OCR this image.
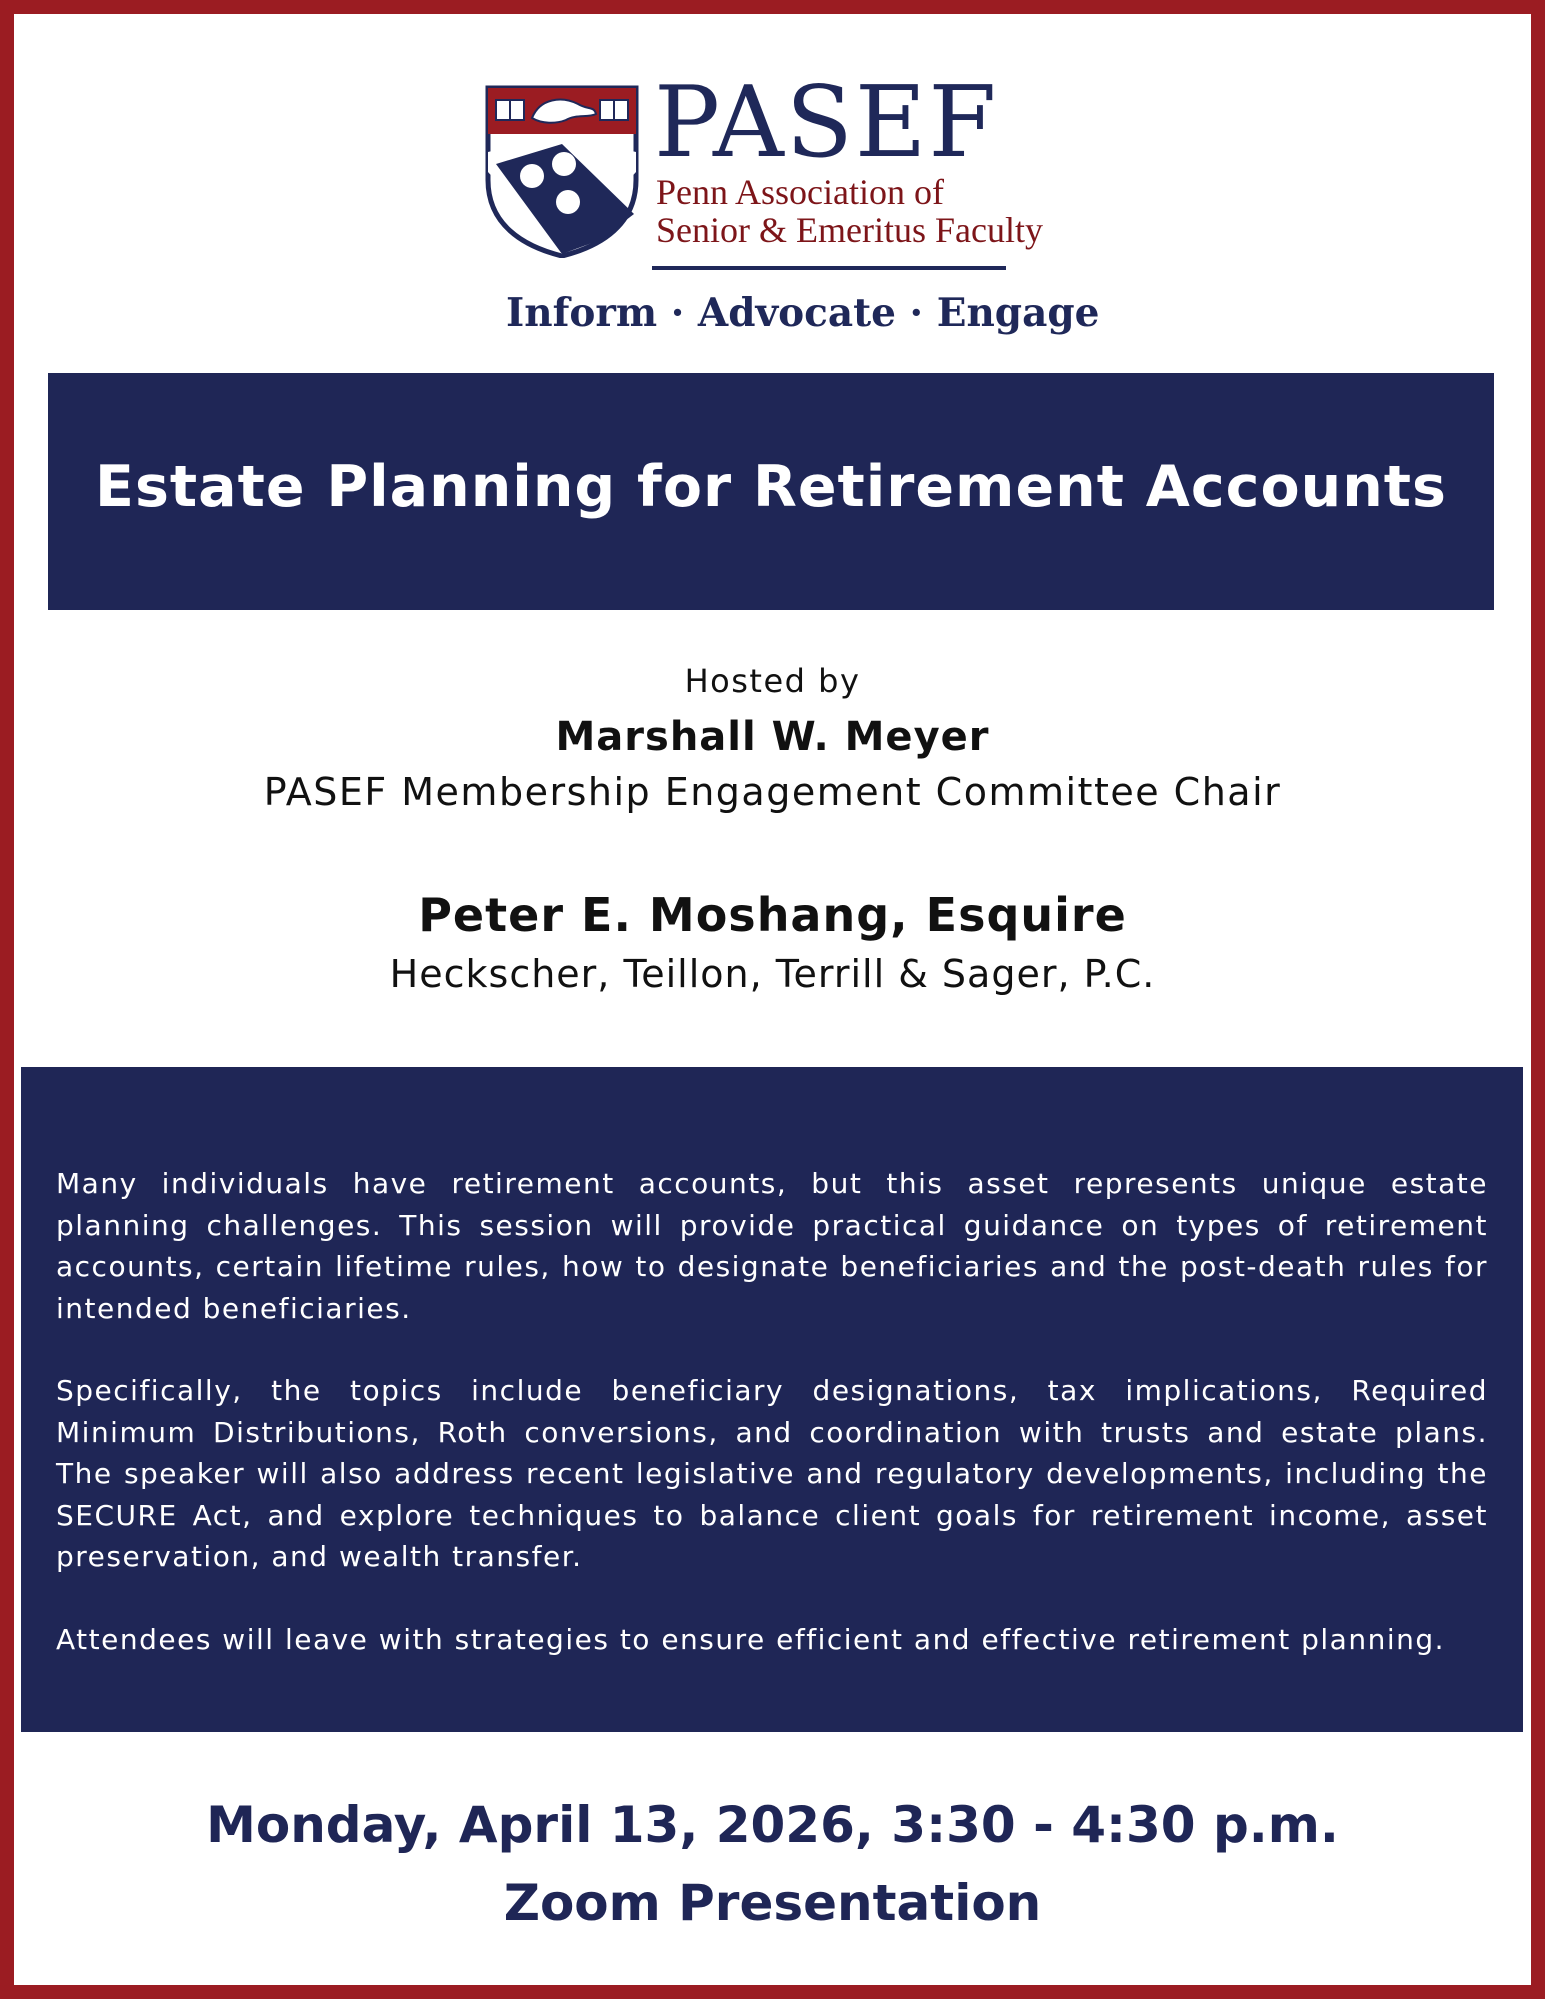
PASEF
Penn Association of
Senior & Emeritus Faculty
Inform · Advocate · Engage
Estate Planning for Retirement Accounts
Hosted by
Marshall W. Meyer
PASEF Membership Engagement Committee Chair
Peter E. Moshang, Esquire
Heckscher, Teillon, Terrill & Sager, P.C.

Many individuals have retirement accounts, but this asset represents unique estate planning challenges. This session will provide practical guidance on types of retirement accounts, certain lifetime rules, how to designate beneficiaries and the post-death rules for intended beneficiaries.

Specifically, the topics include beneficiary designations, tax implications, Required Minimum Distributions, Roth conversions, and coordination with trusts and estate plans. The speaker will also address recent legislative and regulatory developments, including the SECURE Act, and explore techniques to balance client goals for retirement income, asset preservation, and wealth transfer.

Attendees will leave with strategies to ensure efficient and effective retirement planning.

Monday, April 13, 2026, 3:30 - 4:30 p.m.
Zoom Presentation
